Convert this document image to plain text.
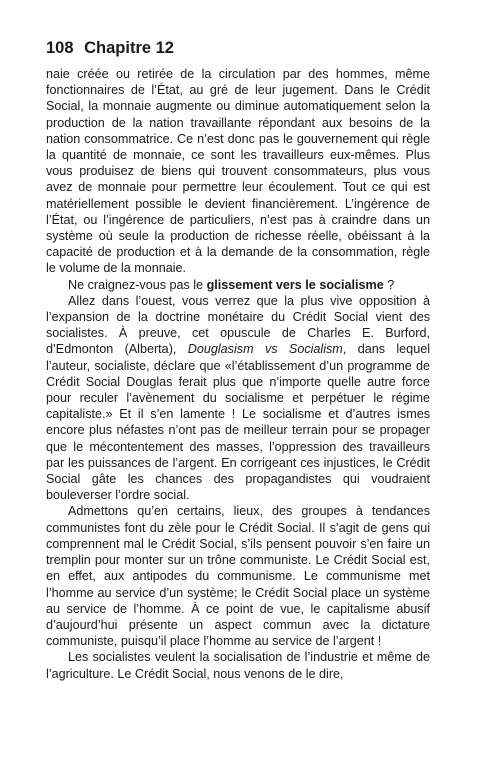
108 Chapitre 12

naie créée ou retirée de la circulation par des hommes, même fonctionnaires de l’État, au gré de leur jugement. Dans le Crédit Social, la monnaie augmente ou diminue automatiquement selon la production de la nation travaillante répondant aux besoins de la nation consommatrice. Ce n’est donc pas le gouvernement qui règle la quantité de monnaie, ce sont les travailleurs eux-mêmes. Plus vous produisez de biens qui trouvent consommateurs, plus vous avez de monnaie pour permettre leur écoulement. Tout ce qui est matériellement possible le devient financièrement. L’ingérence de l’État, ou l’ingérence de particuliers, n’est pas à craindre dans un système où seule la production de richesse réelle, obéissant à la capacité de production et à la demande de la consommation, règle le volume de la monnaie.

Ne craignez-vous pas le glissement vers le socialisme ?

Allez dans l’ouest, vous verrez que la plus vive opposition à l’expansion de la doctrine monétaire du Crédit Social vient des socialistes. À preuve, cet opuscule de Charles E. Burford, d’Edmonton (Alberta), Douglasism vs Socialism, dans lequel l’auteur, socialiste, déclare que «l’établissement d’un programme de Crédit Social Douglas ferait plus que n’importe quelle autre force pour reculer l’avènement du socialisme et perpétuer le régime capitaliste.» Et il s’en lamente ! Le socialisme et d’autres ismes encore plus néfastes n’ont pas de meilleur terrain pour se propager que le mécontentement des masses, l’oppression des travailleurs par les puissances de l’argent. En corrigeant ces injustices, le Crédit Social gâte les chances des propagandistes qui voudraient bouleverser l’ordre social.

Admettons qu’en certains, lieux, des groupes à tendances communistes font du zèle pour le Crédit Social. Il s’agit de gens qui comprennent mal le Crédit Social, s’ils pensent pouvoir s’en faire un tremplin pour monter sur un trône communiste. Le Crédit Social est, en effet, aux antipodes du communisme. Le communisme met l’homme au service d’un système; le Crédit Social place un système au service de l’homme. À ce point de vue, le capitalisme abusif d’aujourd’hui présente un aspect commun avec la dictature communiste, puisqu’il place l’homme au service de l’argent !

Les socialistes veulent la socialisation de l’industrie et même de l’agriculture. Le Crédit Social, nous venons de le dire,
